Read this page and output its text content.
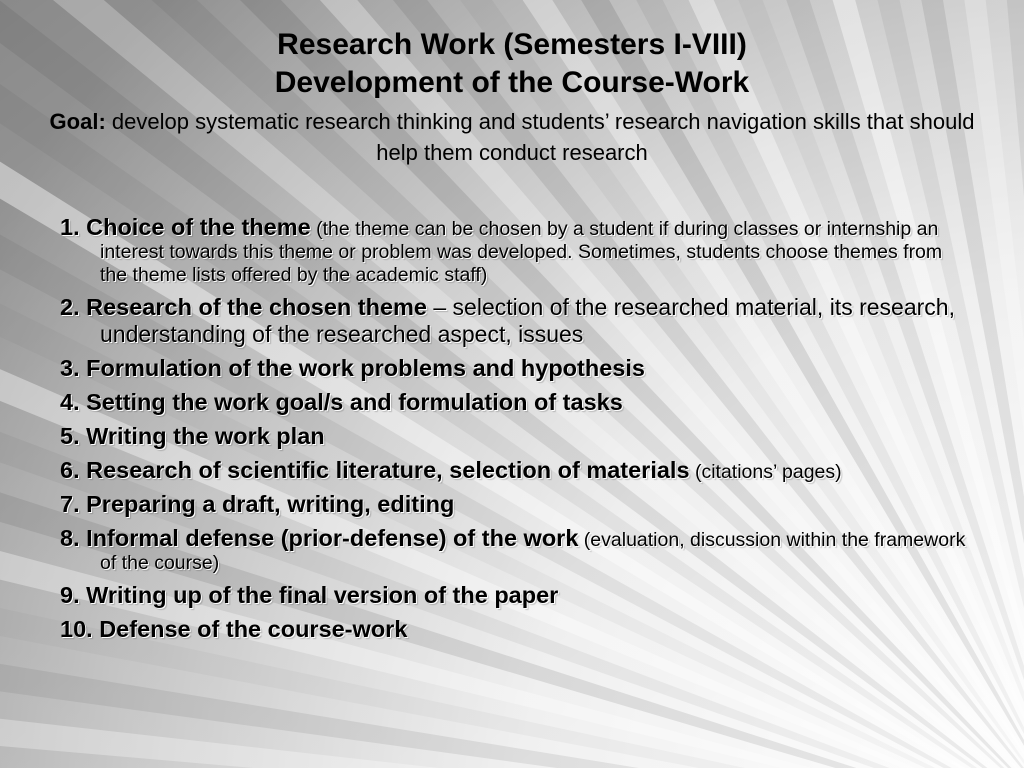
Research Work (Semesters I-VIII)

Development of the Course-Work

Goal: develop systematic research thinking and students’ research navigation skills that should help them conduct research
1. Choice of the theme (the theme can be chosen by a student if during classes or internship an interest towards this theme or problem was developed. Sometimes, students choose themes from the theme lists offered by the academic staff)
2. Research of the chosen theme – selection of the researched material, its research, understanding of the researched aspect, issues
3. Formulation of the work problems and hypothesis
4. Setting the work goal/s and formulation of tasks
5. Writing the work plan
6. Research of scientific literature, selection of materials (citations’ pages)
7. Preparing a draft, writing, editing
8. Informal defense (prior-defense) of the work (evaluation, discussion within the framework of the course)
9. Writing up of the final version of the paper
10. Defense of the course-work
